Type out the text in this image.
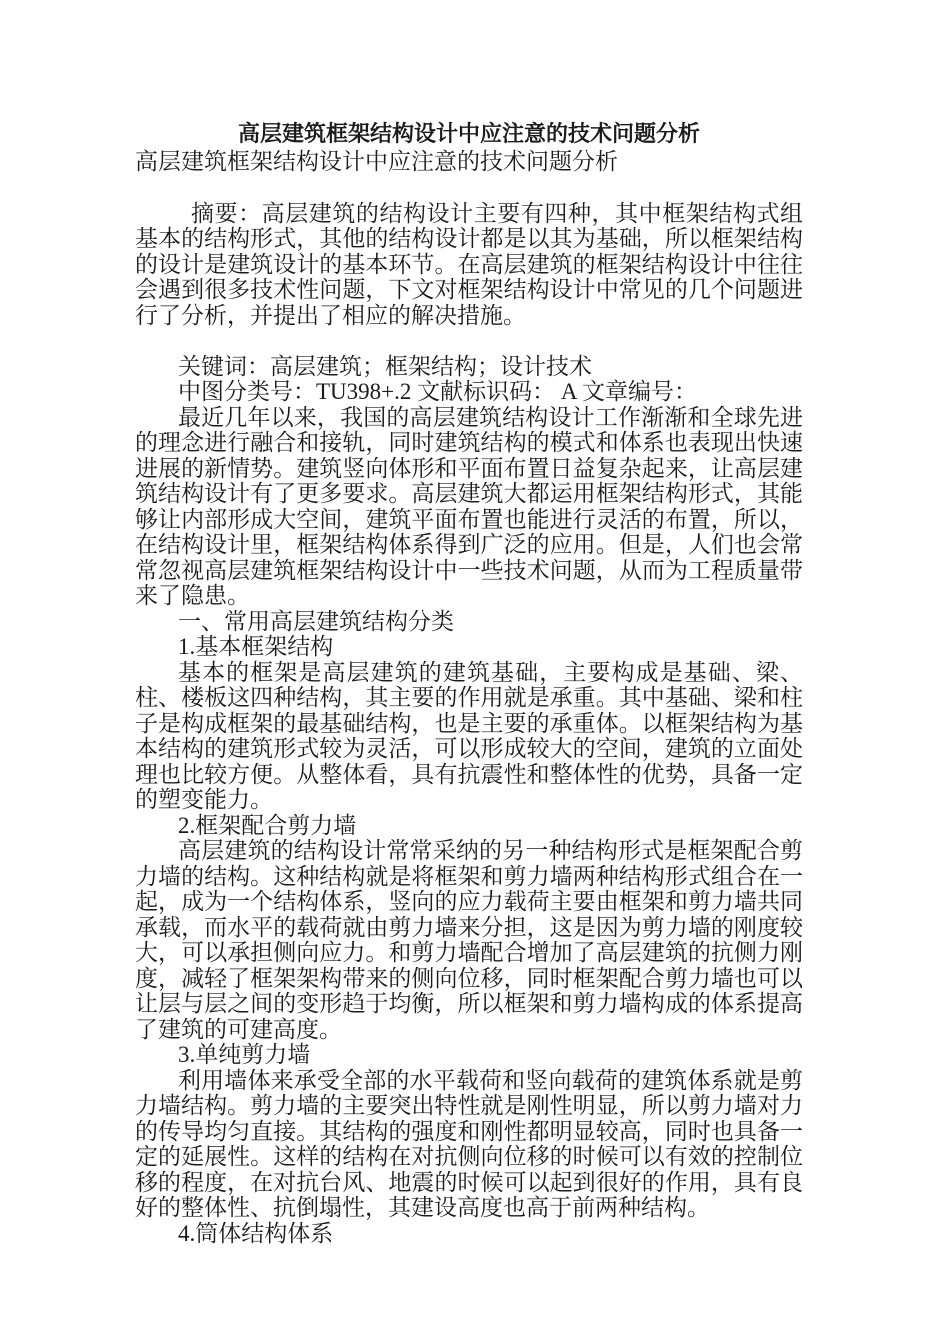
高层建筑框架结构设计中应注意的技术问题分析
高层建筑框架结构设计中应注意的技术问题分析

摘要：高层建筑的结构设计主要有四种，其中框架结构式组基本的结构形式，其他的结构设计都是以其为基础，所以框架结构的设计是建筑设计的基本环节。在高层建筑的框架结构设计中往往会遇到很多技术性问题，下文对框架结构设计中常见的几个问题进行了分析，并提出了相应的解决措施。

关键词：高层建筑；框架结构；设计技术
中图分类号：TU398+.2 文献标识码： A 文章编号：

最近几年以来，我国的高层建筑结构设计工作渐渐和全球先进的理念进行融合和接轨，同时建筑结构的模式和体系也表现出快速进展的新情势。建筑竖向体形和平面布置日益复杂起来，让高层建筑结构设计有了更多要求。高层建筑大都运用框架结构形式，其能够让内部形成大空间，建筑平面布置也能进行灵活的布置，所以，在结构设计里，框架结构体系得到广泛的应用。但是，人们也会常常忽视高层建筑框架结构设计中一些技术问题，从而为工程质量带来了隐患。

一、常用高层建筑结构分类
1.基本框架结构

基本的框架是高层建筑的建筑基础，主要构成是基础、梁、柱、楼板这四种结构，其主要的作用就是承重。其中基础、梁和柱子是构成框架的最基础结构，也是主要的承重体。以框架结构为基本结构的建筑形式较为灵活，可以形成较大的空间，建筑的立面处理也比较方便。从整体看，具有抗震性和整体性的优势，具备一定的塑变能力。

2.框架配合剪力墙

高层建筑的结构设计常常采纳的另一种结构形式是框架配合剪力墙的结构。这种结构就是将框架和剪力墙两种结构形式组合在一起，成为一个结构体系，竖向的应力载荷主要由框架和剪力墙共同承载，而水平的载荷就由剪力墙来分担，这是因为剪力墙的刚度较大，可以承担侧向应力。和剪力墙配合增加了高层建筑的抗侧力刚度，减轻了框架架构带来的侧向位移，同时框架配合剪力墙也可以让层与层之间的变形趋于均衡，所以框架和剪力墙构成的体系提高了建筑的可建高度。

3.单纯剪力墙

利用墙体来承受全部的水平载荷和竖向载荷的建筑体系就是剪力墙结构。剪力墙的主要突出特性就是刚性明显，所以剪力墙对力的传导均匀直接。其结构的强度和刚性都明显较高，同时也具备一定的延展性。这样的结构在对抗侧向位移的时候可以有效的控制位移的程度，在对抗台风、地震的时候可以起到很好的作用，具有良好的整体性、抗倒塌性，其建设高度也高于前两种结构。

4.筒体结构体系
